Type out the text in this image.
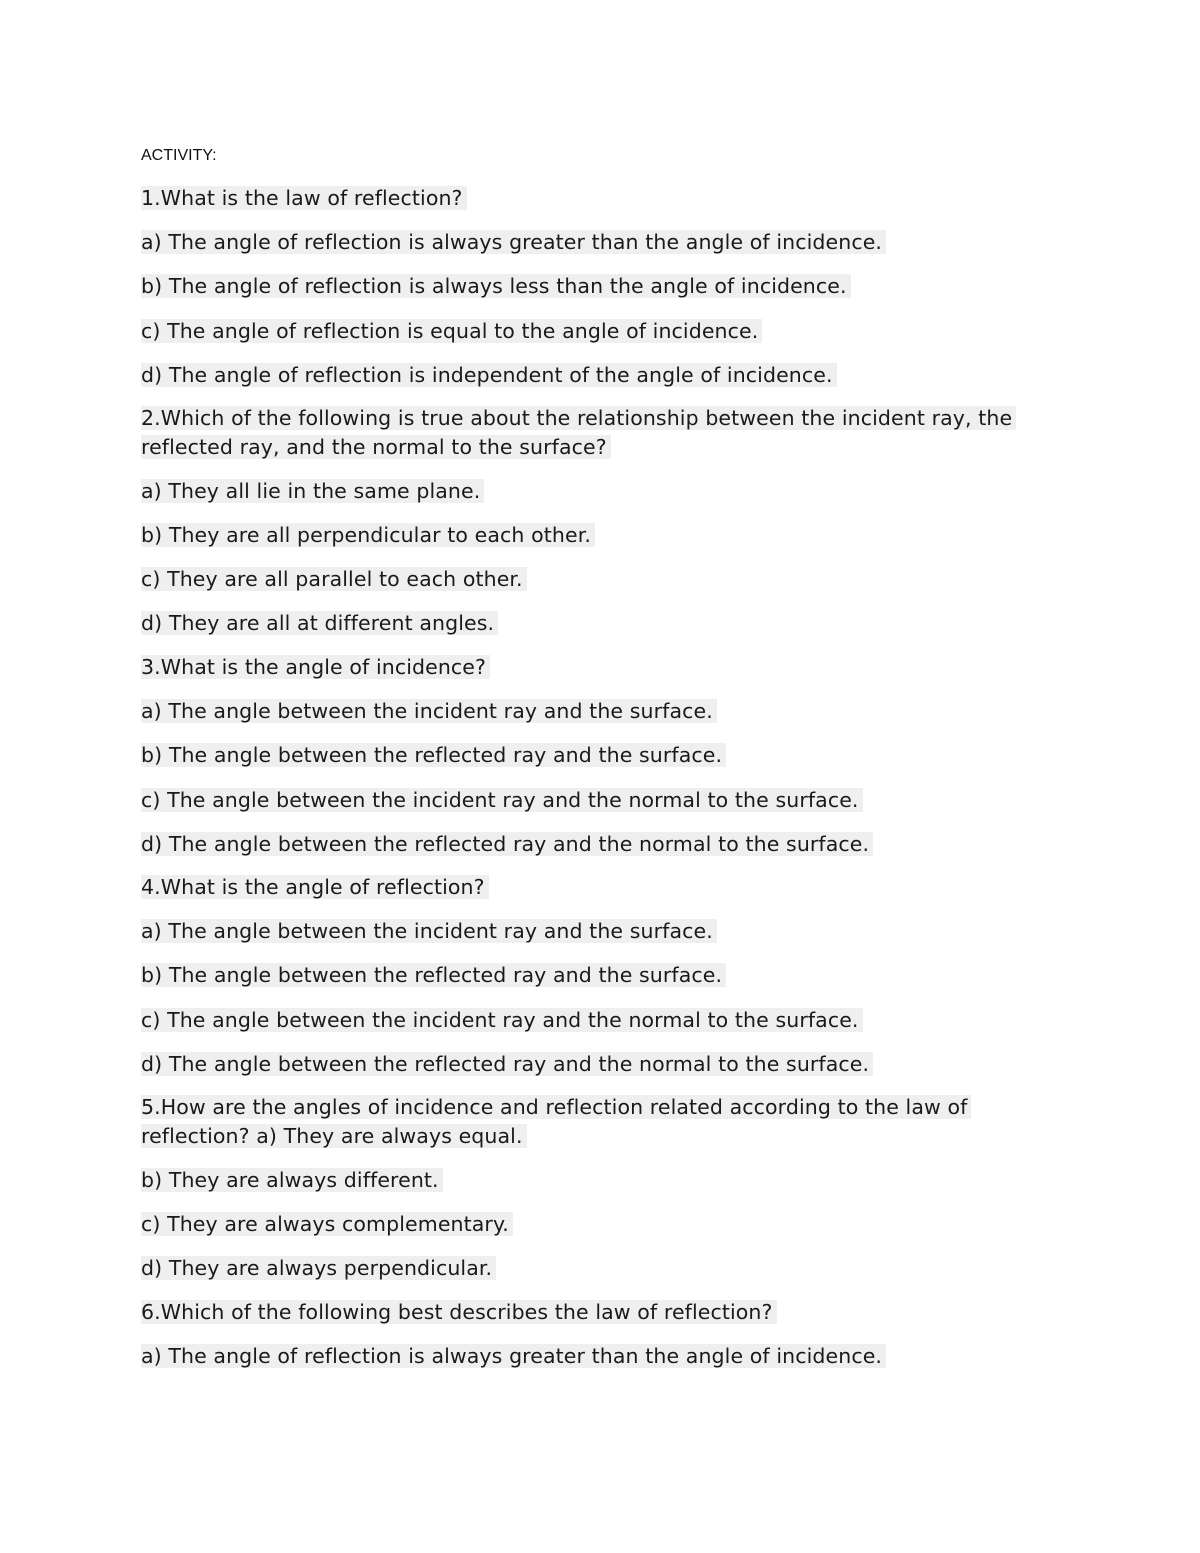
ACTIVITY:
1.What is the law of reflection?
a) The angle of reflection is always greater than the angle of incidence.
b) The angle of reflection is always less than the angle of incidence.
c) The angle of reflection is equal to the angle of incidence.
d) The angle of reflection is independent of the angle of incidence.
2.Which of the following is true about the relationship between the incident ray, the reflected ray, and the normal to the surface?
a) They all lie in the same plane.
b) They are all perpendicular to each other.
c) They are all parallel to each other.
d) They are all at different angles.
3.What is the angle of incidence?
a) The angle between the incident ray and the surface.
b) The angle between the reflected ray and the surface.
c) The angle between the incident ray and the normal to the surface.
d) The angle between the reflected ray and the normal to the surface.
4.What is the angle of reflection?
a) The angle between the incident ray and the surface.
b) The angle between the reflected ray and the surface.
c) The angle between the incident ray and the normal to the surface.
d) The angle between the reflected ray and the normal to the surface.
5.How are the angles of incidence and reflection related according to the law of reflection? a) They are always equal.
b) They are always different.
c) They are always complementary.
d) They are always perpendicular.
6.Which of the following best describes the law of reflection?
a) The angle of reflection is always greater than the angle of incidence.
